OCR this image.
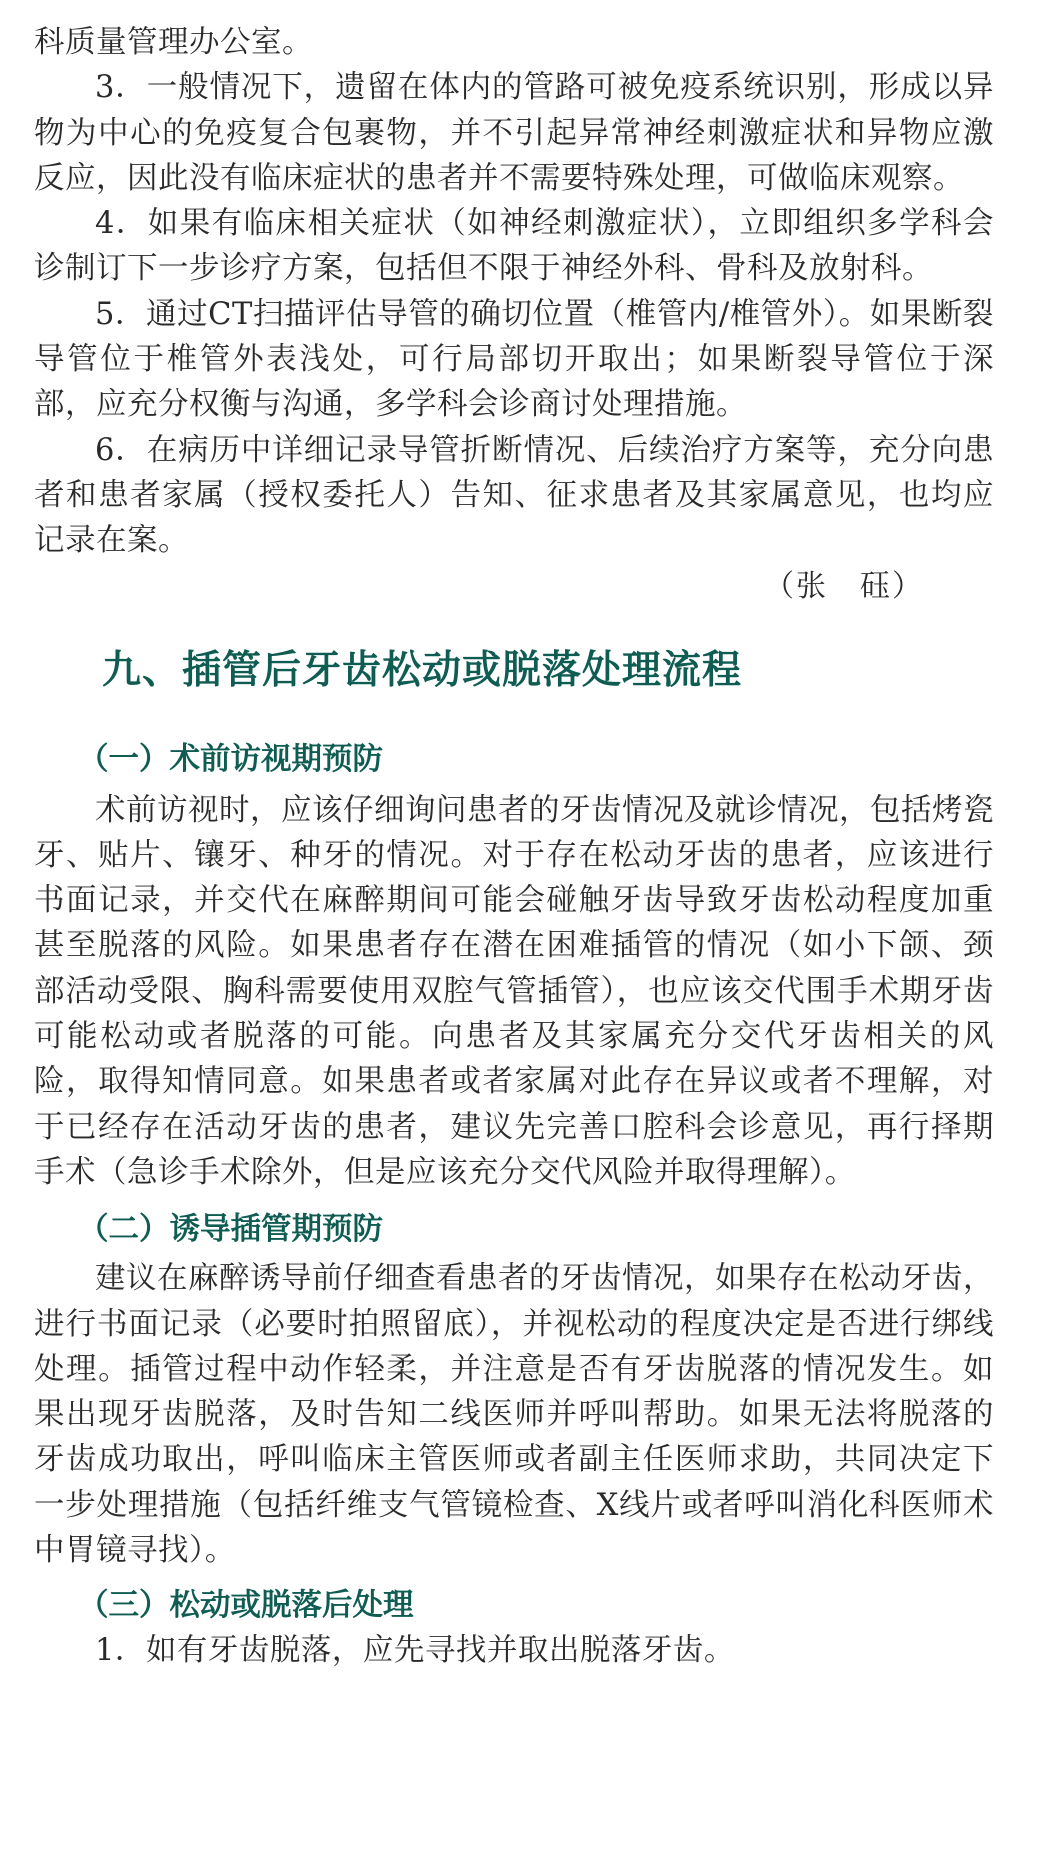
科质量管理办公室。

3．一般情况下，遗留在体内的管路可被免疫系统识别，形成以异物为中心的免疫复合包裹物，并不引起异常神经刺激症状和异物应激反应，因此没有临床症状的患者并不需要特殊处理，可做临床观察。

4．如果有临床相关症状（如神经刺激症状），立即组织多学科会诊制订下一步诊疗方案，包括但不限于神经外科、骨科及放射科。

5．通过CT扫描评估导管的确切位置（椎管内/椎管外）。如果断裂导管位于椎管外表浅处，可行局部切开取出；如果断裂导管位于深部，应充分权衡与沟通，多学科会诊商讨处理措施。

6．在病历中详细记录导管折断情况、后续治疗方案等，充分向患者和患者家属（授权委托人）告知、征求患者及其家属意见，也均应记录在案。

（张　砡）

九、插管后牙齿松动或脱落处理流程
（一）术前访视期预防

术前访视时，应该仔细询问患者的牙齿情况及就诊情况，包括烤瓷牙、贴片、镶牙、种牙的情况。对于存在松动牙齿的患者，应该进行书面记录，并交代在麻醉期间可能会碰触牙齿导致牙齿松动程度加重甚至脱落的风险。如果患者存在潜在困难插管的情况（如小下颌、颈部活动受限、胸科需要使用双腔气管插管），也应该交代围手术期牙齿可能松动或者脱落的可能。向患者及其家属充分交代牙齿相关的风险，取得知情同意。如果患者或者家属对此存在异议或者不理解，对于已经存在活动牙齿的患者，建议先完善口腔科会诊意见，再行择期手术（急诊手术除外，但是应该充分交代风险并取得理解）。

（二）诱导插管期预防

建议在麻醉诱导前仔细查看患者的牙齿情况，如果存在松动牙齿，进行书面记录（必要时拍照留底），并视松动的程度决定是否进行绑线处理。插管过程中动作轻柔，并注意是否有牙齿脱落的情况发生。如果出现牙齿脱落，及时告知二线医师并呼叫帮助。如果无法将脱落的牙齿成功取出，呼叫临床主管医师或者副主任医师求助，共同决定下一步处理措施（包括纤维支气管镜检查、X线片或者呼叫消化科医师术中胃镜寻找）。

（三）松动或脱落后处理

1．如有牙齿脱落，应先寻找并取出脱落牙齿。
